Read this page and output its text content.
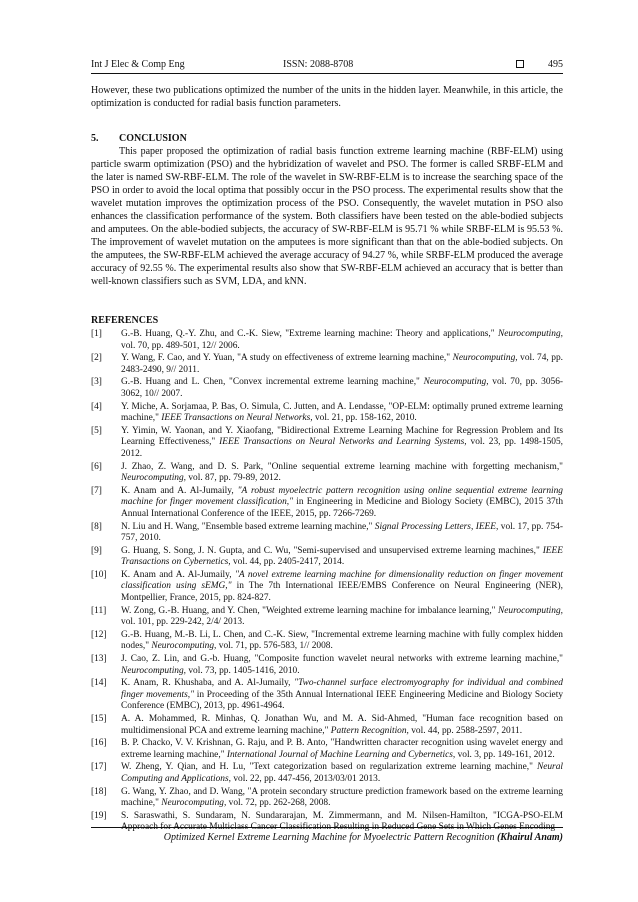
Int J Elec & Comp Eng	ISSN: 2088-8708	495

However, these two publications optimized the number of the units in the hidden layer. Meanwhile, in this article, the optimization is conducted for radial basis function parameters.

5. CONCLUSION

This paper proposed the optimization of radial basis function extreme learning machine (RBF-ELM) using particle swarm optimization (PSO) and the hybridization of wavelet and PSO. The former is called SRBF-ELM and the later is named SW-RBF-ELM. The role of the wavelet in SW-RBF-ELM is to increase the searching space of the PSO in order to avoid the local optima that possibly occur in the PSO process. The experimental results show that the wavelet mutation improves the optimization process of the PSO. Consequently, the wavelet mutation in PSO also enhances the classification performance of the system. Both classifiers have been tested on the able-bodied subjects and amputees. On the able-bodied subjects, the accuracy of SW-RBF-ELM is 95.71 % while SRBF-ELM is 95.53 %. The improvement of wavelet mutation on the amputees is more significant than that on the able-bodied subjects. On the amputees, the SW-RBF-ELM achieved the average accuracy of 94.27 %, while SRBF-ELM produced the average accuracy of 92.55 %. The experimental results also show that SW-RBF-ELM achieved an accuracy that is better than well-known classifiers such as SVM, LDA, and kNN.

REFERENCES

[1] G.-B. Huang, Q.-Y. Zhu, and C.-K. Siew, "Extreme learning machine: Theory and applications," Neurocomputing, vol. 70, pp. 489-501, 12// 2006.

[2] Y. Wang, F. Cao, and Y. Yuan, "A study on effectiveness of extreme learning machine," Neurocomputing, vol. 74, pp. 2483-2490, 9// 2011.

[3] G.-B. Huang and L. Chen, "Convex incremental extreme learning machine," Neurocomputing, vol. 70, pp. 3056-3062, 10// 2007.

[4] Y. Miche, A. Sorjamaa, P. Bas, O. Simula, C. Jutten, and A. Lendasse, "OP-ELM: optimally pruned extreme learning machine," IEEE Transactions on Neural Networks, vol. 21, pp. 158-162, 2010.

[5] Y. Yimin, W. Yaonan, and Y. Xiaofang, "Bidirectional Extreme Learning Machine for Regression Problem and Its Learning Effectiveness," IEEE Transactions on Neural Networks and Learning Systems, vol. 23, pp. 1498-1505, 2012.

[6] J. Zhao, Z. Wang, and D. S. Park, "Online sequential extreme learning machine with forgetting mechanism," Neurocomputing, vol. 87, pp. 79-89, 2012.

[7] K. Anam and A. Al-Jumaily, "A robust myoelectric pattern recognition using online sequential extreme learning machine for finger movement classification," in Engineering in Medicine and Biology Society (EMBC), 2015 37th Annual International Conference of the IEEE, 2015, pp. 7266-7269.

[8] N. Liu and H. Wang, "Ensemble based extreme learning machine," Signal Processing Letters, IEEE, vol. 17, pp. 754-757, 2010.

[9] G. Huang, S. Song, J. N. Gupta, and C. Wu, "Semi-supervised and unsupervised extreme learning machines," IEEE Transactions on Cybernetics, vol. 44, pp. 2405-2417, 2014.

[10] K. Anam and A. Al-Jumaily, "A novel extreme learning machine for dimensionality reduction on finger movement classification using sEMG," in The 7th International IEEE/EMBS Conference on Neural Engineering (NER), Montpellier, France, 2015, pp. 824-827.

[11] W. Zong, G.-B. Huang, and Y. Chen, "Weighted extreme learning machine for imbalance learning," Neurocomputing, vol. 101, pp. 229-242, 2/4/ 2013.

[12] G.-B. Huang, M.-B. Li, L. Chen, and C.-K. Siew, "Incremental extreme learning machine with fully complex hidden nodes," Neurocomputing, vol. 71, pp. 576-583, 1// 2008.

[13] J. Cao, Z. Lin, and G.-b. Huang, "Composite function wavelet neural networks with extreme learning machine," Neurocomputing, vol. 73, pp. 1405-1416, 2010.

[14] K. Anam, R. Khushaba, and A. Al-Jumaily, "Two-channel surface electromyography for individual and combined finger movements," in Proceeding of the 35th Annual International IEEE Engineering Medicine and Biology Society Conference (EMBC), 2013, pp. 4961-4964.

[15] A. A. Mohammed, R. Minhas, Q. Jonathan Wu, and M. A. Sid-Ahmed, "Human face recognition based on multidimensional PCA and extreme learning machine," Pattern Recognition, vol. 44, pp. 2588-2597, 2011.

[16] B. P. Chacko, V. V. Krishnan, G. Raju, and P. B. Anto, "Handwritten character recognition using wavelet energy and extreme learning machine," International Journal of Machine Learning and Cybernetics, vol. 3, pp. 149-161, 2012.

[17] W. Zheng, Y. Qian, and H. Lu, "Text categorization based on regularization extreme learning machine," Neural Computing and Applications, vol. 22, pp. 447-456, 2013/03/01 2013.

[18] G. Wang, Y. Zhao, and D. Wang, "A protein secondary structure prediction framework based on the extreme learning machine," Neurocomputing, vol. 72, pp. 262-268, 2008.

[19] S. Saraswathi, S. Sundaram, N. Sundararajan, M. Zimmermann, and M. Nilsen-Hamilton, "ICGA-PSO-ELM Approach for Accurate Multiclass Cancer Classification Resulting in Reduced Gene Sets in Which Genes Encoding

Optimized Kernel Extreme Learning Machine for Myoelectric Pattern Recognition (Khairul Anam)
